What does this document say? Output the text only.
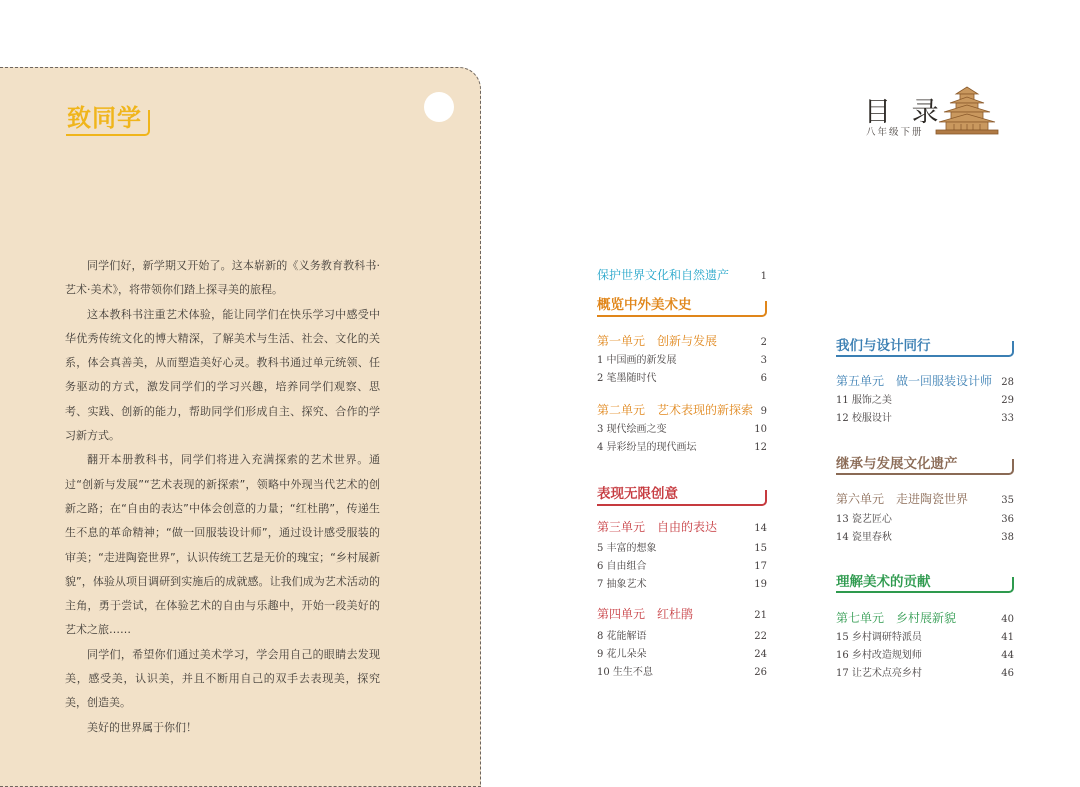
致同学

同学们好，新学期又开始了。这本崭新的《义务教育教科书·艺术·美术》，将带领你们踏上探寻美的旅程。

这本教科书注重艺术体验，能让同学们在快乐学习中感受中华优秀传统文化的博大精深，了解美术与生活、社会、文化的关系，体会真善美，从而塑造美好心灵。教科书通过单元统领、任务驱动的方式，激发同学们的学习兴趣，培养同学们观察、思考、实践、创新的能力，帮助同学们形成自主、探究、合作的学习新方式。

翻开本册教科书，同学们将进入充满探索的艺术世界。通过“创新与发展”“艺术表现的新探索”，领略中外现当代艺术的创新之路；在“自由的表达”中体会创意的力量；“红杜鹃”，传递生生不息的革命精神；“做一回服装设计师”，通过设计感受服装的审美；“走进陶瓷世界”，认识传统工艺是无价的瑰宝；“乡村展新貌”，体验从项目调研到实施后的成就感。让我们成为艺术活动的主角，勇于尝试，在体验艺术的自由与乐趣中，开始一段美好的艺术之旅……

同学们，希望你们通过美术学习，学会用自己的眼睛去发现美，感受美，认识美，并且不断用自己的双手去表现美，探究美，创造美。

美好的世界属于你们！

目 录
八年级下册
保护世界文化和自然遗产	1
概览中外美术史
第一单元　创新与发展	2
1 中国画的新发展	3
2 笔墨随时代	6
第二单元　艺术表现的新探索 9
3 现代绘画之变	10
4 异彩纷呈的现代画坛	12
表现无限创意
第三单元　自由的表达	14
5 丰富的想象	15
6 自由组合	17
7 抽象艺术	19
第四单元　红杜鹃	21
8 花能解语	22
9 花儿朵朵	24
10 生生不息	26
我们与设计同行
第五单元　做一回服装设计师 28
11 服饰之美	29
12 校服设计	33
继承与发展文化遗产
第六单元　走进陶瓷世界	35
13 瓷艺匠心	36
14 瓷里春秋	38
理解美术的贡献
第七单元　乡村展新貌	40
15 乡村调研特派员	41
16 乡村改造规划师	44
17 让艺术点亮乡村	46
